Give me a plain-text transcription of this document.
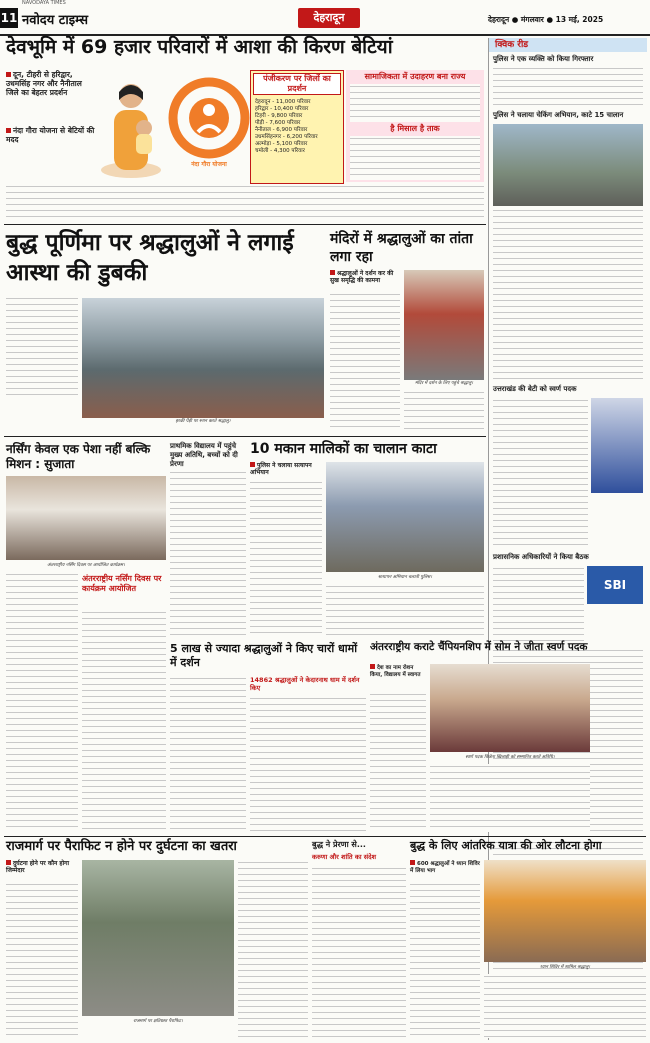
11
NAVODAYA TIMES
नवोदय टाइम्स	देहरादून	देहरादून ● मंगलवार ● 13 मई, 2025
देवभूमि में 69 हजार परिवारों में आशा की किरण बेटियां
दून, टीहरी से हरिद्वार, उधमसिंह नगर और नैनीताल जिले का बेहतर प्रदर्शन
नंदा गौरा योजना से बेटियों की मदद
नंदा गौरा योजना
पंजीकरण पर जिलों का प्रदर्शन
देहरादून - 11,000 परिवार
हरिद्वार - 10,400 परिवार
टिहरी - 9,800 परिवार
पौड़ी - 7,600 परिवार
नैनीताल - 6,900 परिवार
उधमसिंहनगर - 6,200 परिवार
अल्मोड़ा - 5,100 परिवार
चमोली - 4,300 परिवार
सामाजिकता में उदाहरण बना राज्य
है मिसाल है ताक
क्विक रीड
पुलिस ने एक व्यक्ति को किया गिरफ्तार
पुलिस ने चलाया चेकिंग अभियान, काटे 15 चालान
उत्तराखंड की बेटी को स्वर्ण पदक
प्रशासनिक अधिकारियों ने किया बैठक
SBI
बुद्ध पूर्णिमा पर श्रद्धालुओं ने लगाई आस्था की डुबकी
हरकी पैड़ी पर स्नान करते श्रद्धालु।
मंदिरों में श्रद्धालुओं का तांता लगा रहा
श्रद्धालुओं ने दर्शन कर की सुख समृद्धि की कामना
मंदिर में दर्शन के लिए पहुंचे श्रद्धालु।
नर्सिंग केवल एक पेशा नहीं बल्कि मिशन : सुजाता
अंतरराष्ट्रीय नर्सिंग दिवस पर आयोजित कार्यक्रम।
अंतरराष्ट्रीय नर्सिंग दिवस पर कार्यक्रम आयोजित
प्राथमिक विद्यालय में पहुंचे मुख्य अतिथि, बच्चों को दी प्रेरणा
10 मकान मालिकों का चालान काटा
पुलिस ने चलाया सत्यापन अभियान
सत्यापन अभियान चलाती पुलिस।
5 लाख से ज्यादा श्रद्धालुओं ने किए चारों धामों में दर्शन
14862 श्रद्धालुओं ने केदारनाथ धाम में दर्शन किए
अंतरराष्ट्रीय कराटे चैंपियनशिप में सोम ने जीता स्वर्ण पदक
देश का नाम रोशन किया, विद्यालय में स्वागत
स्वर्ण पदक विजेता खिलाड़ी को सम्मानित करते अतिथि।
राजमार्ग पर पैराफिट न होने पर दुर्घटना का खतरा
दुर्घटना होने पर कौन होगा जिम्मेदार
राजमार्ग पर क्षतिग्रस्त पैराफिट।
बुद्ध ने प्रेरणा से...
करुणा और शांति का संदेश
बुद्ध के लिए आंतरिक यात्रा की ओर लौटना होगा
600 श्रद्धालुओं ने ध्यान शिविर में लिया भाग
ध्यान शिविर में शामिल श्रद्धालु।
